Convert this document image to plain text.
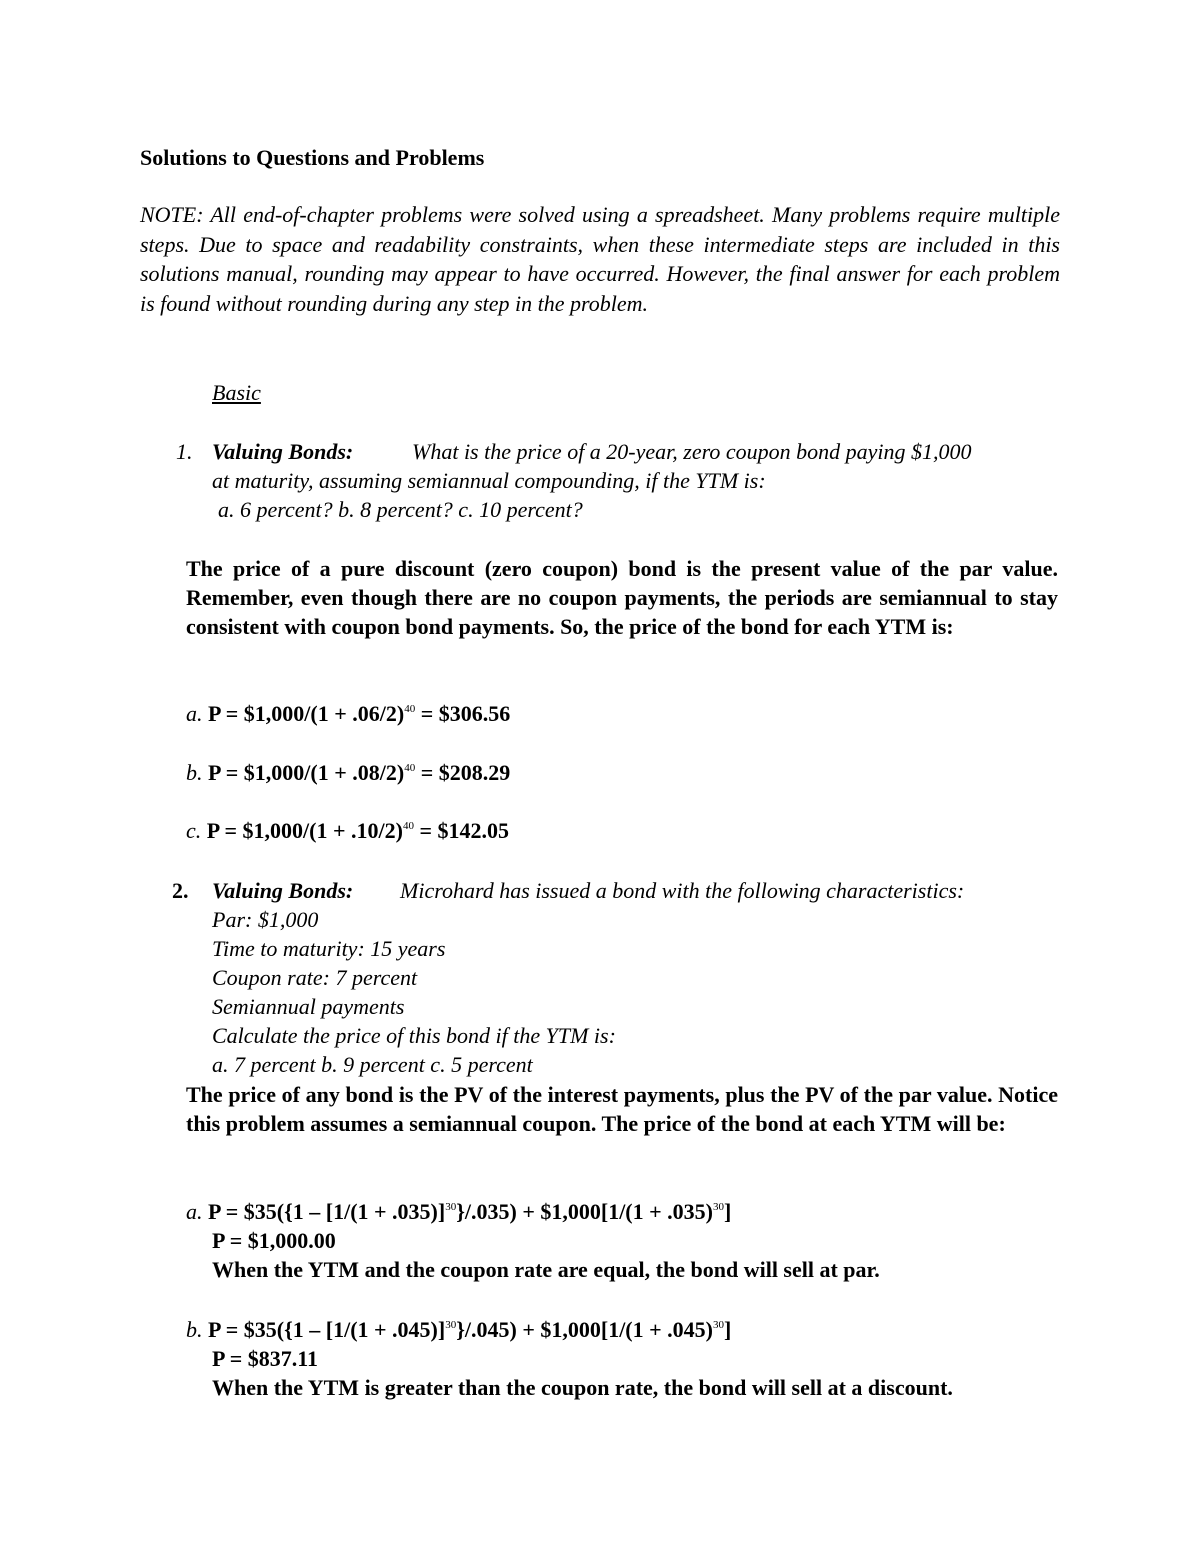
Solutions to Questions and Problems
NOTE: All end-of-chapter problems were solved using a spreadsheet. Many problems require multiple steps. Due to space and readability constraints, when these intermediate steps are included in this solutions manual, rounding may appear to have occurred. However, the final answer for each problem is found without rounding during any step in the problem.
Basic
1. Valuing Bonds:	What is the price of a 20-year, zero coupon bond paying $1,000
at maturity, assuming semiannual compounding, if the YTM is:
a. 6 percent? b. 8 percent? c. 10 percent?
The price of a pure discount (zero coupon) bond is the present value of the par value. Remember, even though there are no coupon payments, the periods are semiannual to stay consistent with coupon bond payments. So, the price of the bond for each YTM is:
a. P = $1,000/(1 + .06/2)$^{40}$ = $306.56
b. P = $1,000/(1 + .08/2)$^{40}$ = $208.29
c. P = $1,000/(1 + .10/2)$^{40}$ = $142.05
2. Valuing Bonds: Microhard has issued a bond with the following characteristics:
Par: $1,000
Time to maturity: 15 years
Coupon rate: 7 percent
Semiannual payments
Calculate the price of this bond if the YTM is:
a. 7 percent b. 9 percent c. 5 percent
The price of any bond is the PV of the interest payments, plus the PV of the par value. Notice this problem assumes a semiannual coupon. The price of the bond at each YTM will be:
a. P = $35({1 – $[1/(1 + .035)]^{30}\}/.035$) + $1,000[1/(1 + .035)$^{30}$]
P = $1,000.00
When the YTM and the coupon rate are equal, the bond will sell at par.
b. P = $35({1 – $[1/(1 + .045)]^{30}\}/.045$) + $1,000[1/(1 + .045)$^{30}$]
P = $837.11
When the YTM is greater than the coupon rate, the bond will sell at a discount.
